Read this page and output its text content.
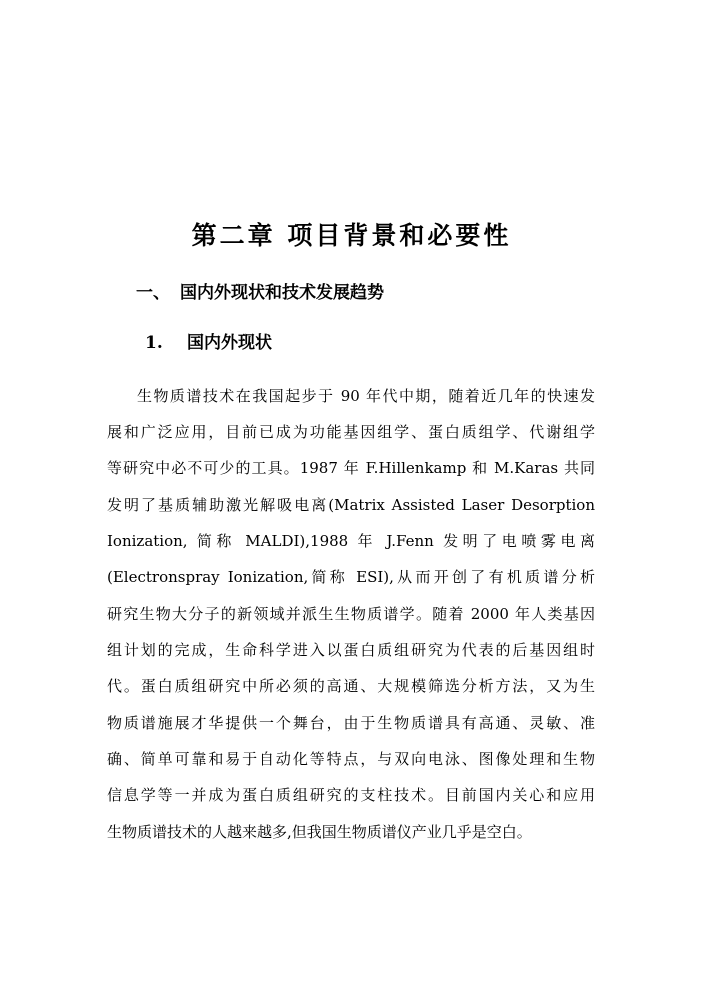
第二章 项目背景和必要性
一、 国内外现状和技术发展趋势
1. 国内外现状
生物质谱技术在我国起步于 90 年代中期，随着近几年的快速发
展和广泛应用，目前已成为功能基因组学、蛋白质组学、代谢组学
等研究中必不可少的工具。1987 年 F.Hillenkamp 和 M.Karas 共同
发明了基质辅助激光解吸电离(Matrix Assisted Laser Desorption
Ionization, 简称 MALDI),1988 年 J.Fenn 发明了电喷雾电离
(Electronspray Ionization,简称 ESI),从而开创了有机质谱分析
研究生物大分子的新领域并派生生物质谱学。随着 2000 年人类基因
组计划的完成，生命科学进入以蛋白质组研究为代表的后基因组时
代。蛋白质组研究中所必须的高通、大规模筛选分析方法，又为生
物质谱施展才华提供一个舞台，由于生物质谱具有高通、灵敏、准
确、简单可靠和易于自动化等特点，与双向电泳、图像处理和生物
信息学等一并成为蛋白质组研究的支柱技术。目前国内关心和应用
生物质谱技术的人越来越多,但我国生物质谱仪产业几乎是空白。
